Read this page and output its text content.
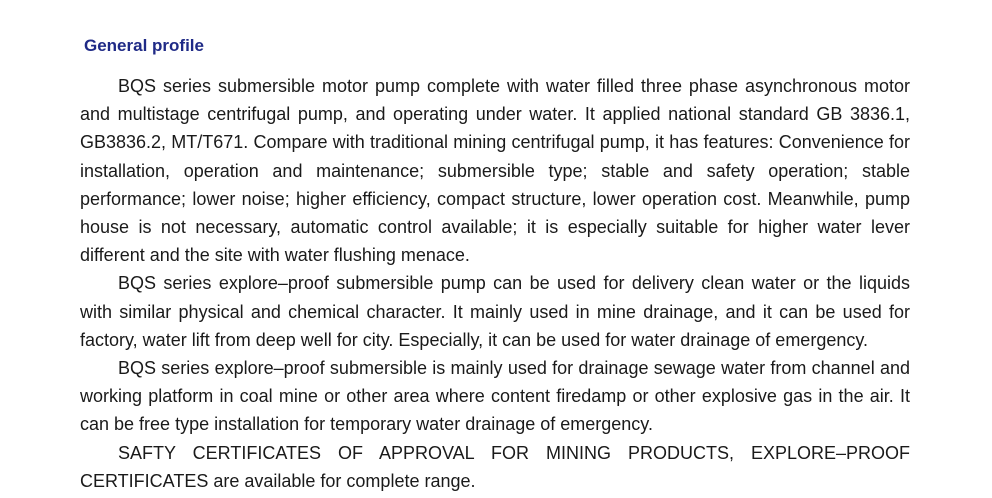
General profile

BQS series submersible motor pump complete with water filled three phase asynchronous motor and multistage centrifugal pump, and operating under water. It applied national standard GB 3836.1, GB3836.2, MT/T671. Compare with traditional mining centrifugal pump, it has features: Convenience for installation, operation and maintenance; submersible type; stable and safety operation; stable performance; lower noise; higher efficiency, compact structure, lower operation cost. Meanwhile, pump house is not necessary, automatic control available; it is especially suitable for higher water lever different and the site with water flushing menace.

BQS series explore–proof submersible pump can be used for delivery clean water or the liquids with similar physical and chemical character. It mainly used in mine drainage, and it can be used for factory, water lift from deep well for city. Especially, it can be used for water drainage of emergency.

BQS series explore–proof submersible is mainly used for drainage sewage water from channel and working platform in coal mine or other area where content firedamp or other explosive gas in the air. It can be free type installation for temporary water drainage of emergency.

SAFTY CERTIFICATES OF APPROVAL FOR MINING PRODUCTS, EXPLORE–PROOF CERTIFICATES are available for complete range.
